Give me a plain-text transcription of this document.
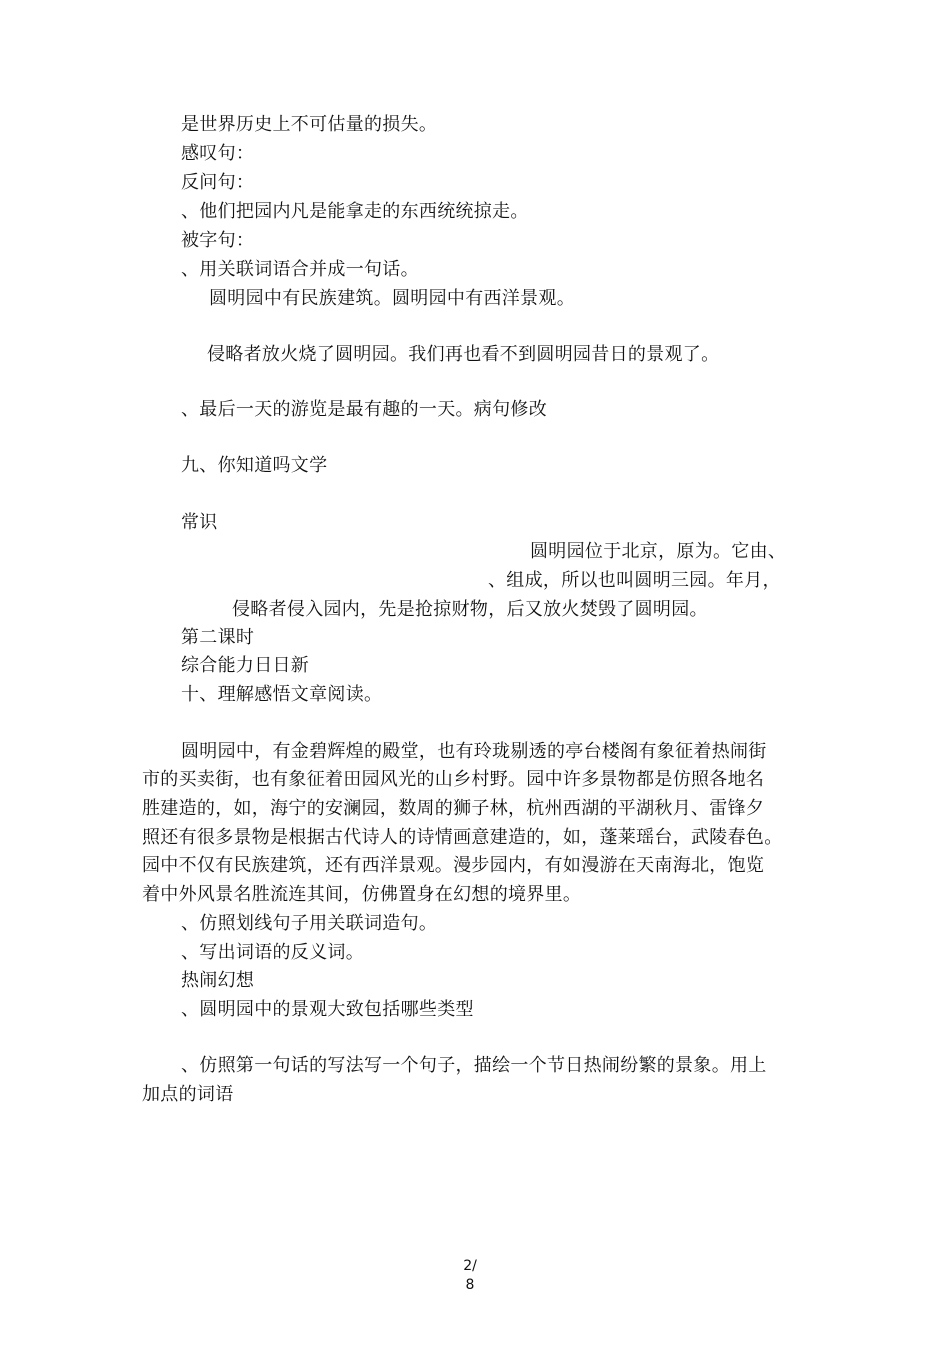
是世界历史上不可估量的损失。

感叹句：

反问句：

、他们把园内凡是能拿走的东西统统掠走。

被字句：

、用关联词语合并成一句话。

圆明园中有民族建筑。圆明园中有西洋景观。

侵略者放火烧了圆明园。我们再也看不到圆明园昔日的景观了。

、最后一天的游览是最有趣的一天。病句修改

九、你知道吗文学

常识

圆明园位于北京，原为。它由、

、组成，所以也叫圆明三园。年月，

侵略者侵入园内，先是抢掠财物，后又放火焚毁了圆明园。

第二课时

综合能力日日新

十、理解感悟文章阅读。

圆明园中，有金碧辉煌的殿堂，也有玲珑剔透的亭台楼阁有象征着热闹街

市的买卖街，也有象征着田园风光的山乡村野。园中许多景物都是仿照各地名

胜建造的，如，海宁的安澜园，数周的狮子林，杭州西湖的平湖秋月、雷锋夕

照还有很多景物是根据古代诗人的诗情画意建造的，如，蓬莱瑶台，武陵春色。

园中不仅有民族建筑，还有西洋景观。漫步园内，有如漫游在天南海北，饱览

着中外风景名胜流连其间，仿佛置身在幻想的境界里。

、仿照划线句子用关联词造句。

、写出词语的反义词。

热闹幻想

、圆明园中的景观大致包括哪些类型

、仿照第一句话的写法写一个句子，描绘一个节日热闹纷繁的景象。用上

加点的词语

2/
8
